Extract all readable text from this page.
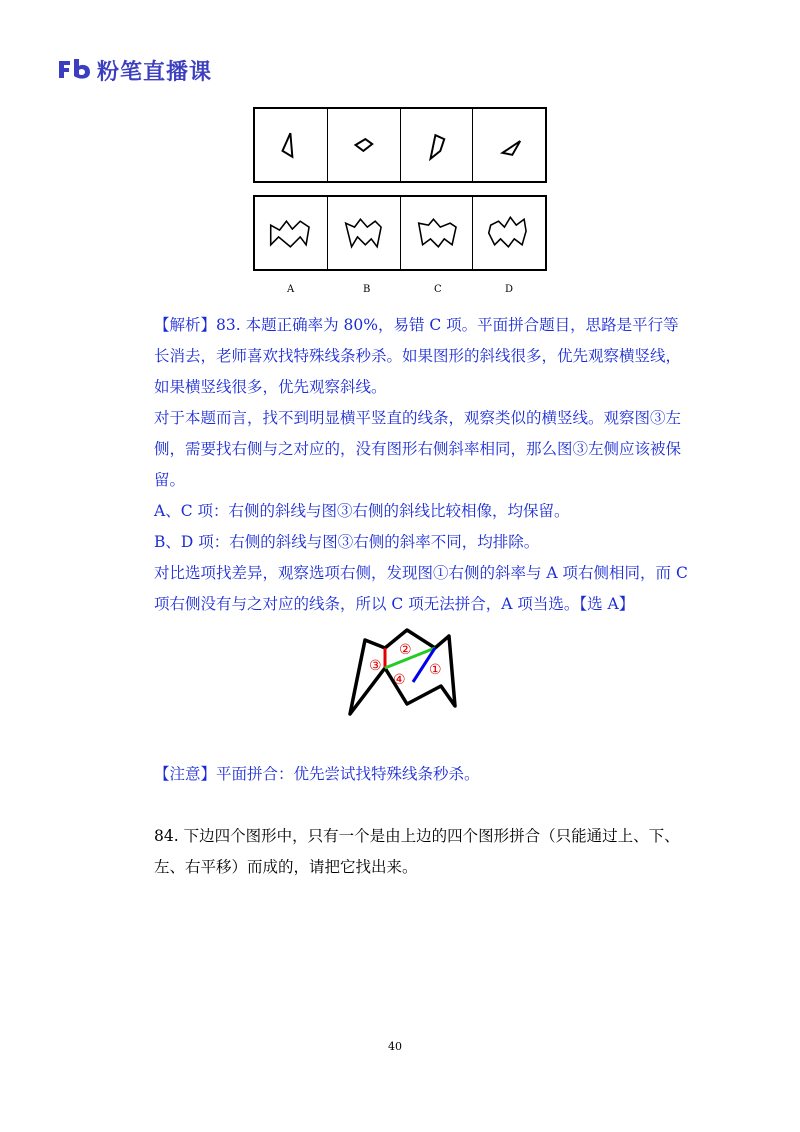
粉笔直播课
A	B	C	D
【解析】83. 本题正确率为 80%，易错 C 项。平面拼合题目，思路是平行等长消去，老师喜欢找特殊线条秒杀。如果图形的斜线很多，优先观察横竖线，如果横竖线很多，优先观察斜线。
对于本题而言，找不到明显横平竖直的线条，观察类似的横竖线。观察图③左侧，需要找右侧与之对应的，没有图形右侧斜率相同，那么图③左侧应该被保留。
A、C 项：右侧的斜线与图③右侧的斜线比较相像，均保留。
B、D 项：右侧的斜线与图③右侧的斜率不同，均排除。
对比选项找差异，观察选项右侧，发现图①右侧的斜率与 A 项右侧相同，而 C 项右侧没有与之对应的线条，所以 C 项无法拼合，A 项当选。【选 A】
③
②
④
①
【注意】平面拼合：优先尝试找特殊线条秒杀。
84. 下边四个图形中，只有一个是由上边的四个图形拼合（只能通过上、下、左、右平移）而成的，请把它找出来。
40
